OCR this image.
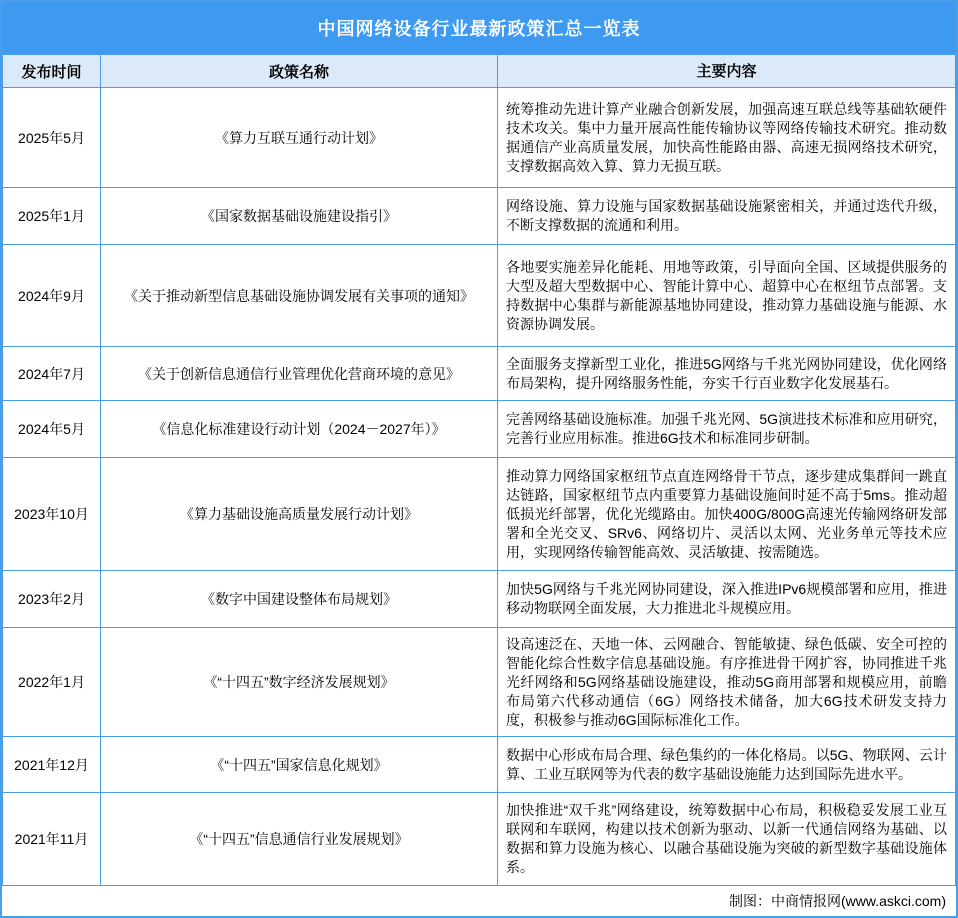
中国网络设备行业最新政策汇总一览表
发布时间	政策名称	主要内容
2025年5月	《算力互联互通行动计划》	统筹推动先进计算产业融合创新发展，加强高速互联总线等基础软硬件技术攻关。集中力量开展高性能传输协议等网络传输技术研究。推动数据通信产业高质量发展，加快高性能路由器、高速无损网络技术研究，支撑数据高效入算、算力无损互联。
2025年1月	《国家数据基础设施建设指引》	网络设施、算力设施与国家数据基础设施紧密相关，并通过迭代升级，不断支撑数据的流通和利用。
2024年9月	《关于推动新型信息基础设施协调发展有关事项的通知》	各地要实施差异化能耗、用地等政策，引导面向全国、区域提供服务的大型及超大型数据中心、智能计算中心、超算中心在枢纽节点部署。支持数据中心集群与新能源基地协同建设，推动算力基础设施与能源、水资源协调发展。
2024年7月	《关于创新信息通信行业管理优化营商环境的意见》	全面服务支撑新型工业化，推进5G网络与千兆光网协同建设，优化网络布局架构，提升网络服务性能，夯实千行百业数字化发展基石。
2024年5月	《信息化标准建设行动计划（2024－2027年）》	完善网络基础设施标准。加强千兆光网、5G演进技术标准和应用研究，完善行业应用标准。推进6G技术和标准同步研制。
2023年10月	《算力基础设施高质量发展行动计划》	推动算力网络国家枢纽节点直连网络骨干节点，逐步建成集群间一跳直达链路，国家枢纽节点内重要算力基础设施间时延不高于5ms。推动超低损光纤部署，优化光缆路由。加快400G/800G高速光传输网络研发部署和全光交叉、SRv6、网络切片、灵活以太网、光业务单元等技术应用，实现网络传输智能高效、灵活敏捷、按需随选。
2023年2月	《数字中国建设整体布局规划》	加快5G网络与千兆光网协同建设，深入推进IPv6规模部署和应用，推进移动物联网全面发展，大力推进北斗规模应用。
2022年1月	《“十四五”数字经济发展规划》	设高速泛在、天地一体、云网融合、智能敏捷、绿色低碳、安全可控的智能化综合性数字信息基础设施。有序推进骨干网扩容，协同推进千兆光纤网络和5G网络基础设施建设，推动5G商用部署和规模应用，前瞻布局第六代移动通信（6G）网络技术储备，加大6G技术研发支持力度，积极参与推动6G国际标准化工作。
2021年12月	《“十四五”国家信息化规划》	数据中心形成布局合理、绿色集约的一体化格局。以5G、物联网、云计算、工业互联网等为代表的数字基础设施能力达到国际先进水平。
2021年11月	《“十四五”信息通信行业发展规划》	加快推进“双千兆”网络建设，统筹数据中心布局，积极稳妥发展工业互联网和车联网，构建以技术创新为驱动、以新一代通信网络为基础、以数据和算力设施为核心、以融合基础设施为突破的新型数字基础设施体系。
制图：中商情报网(www.askci.com)
